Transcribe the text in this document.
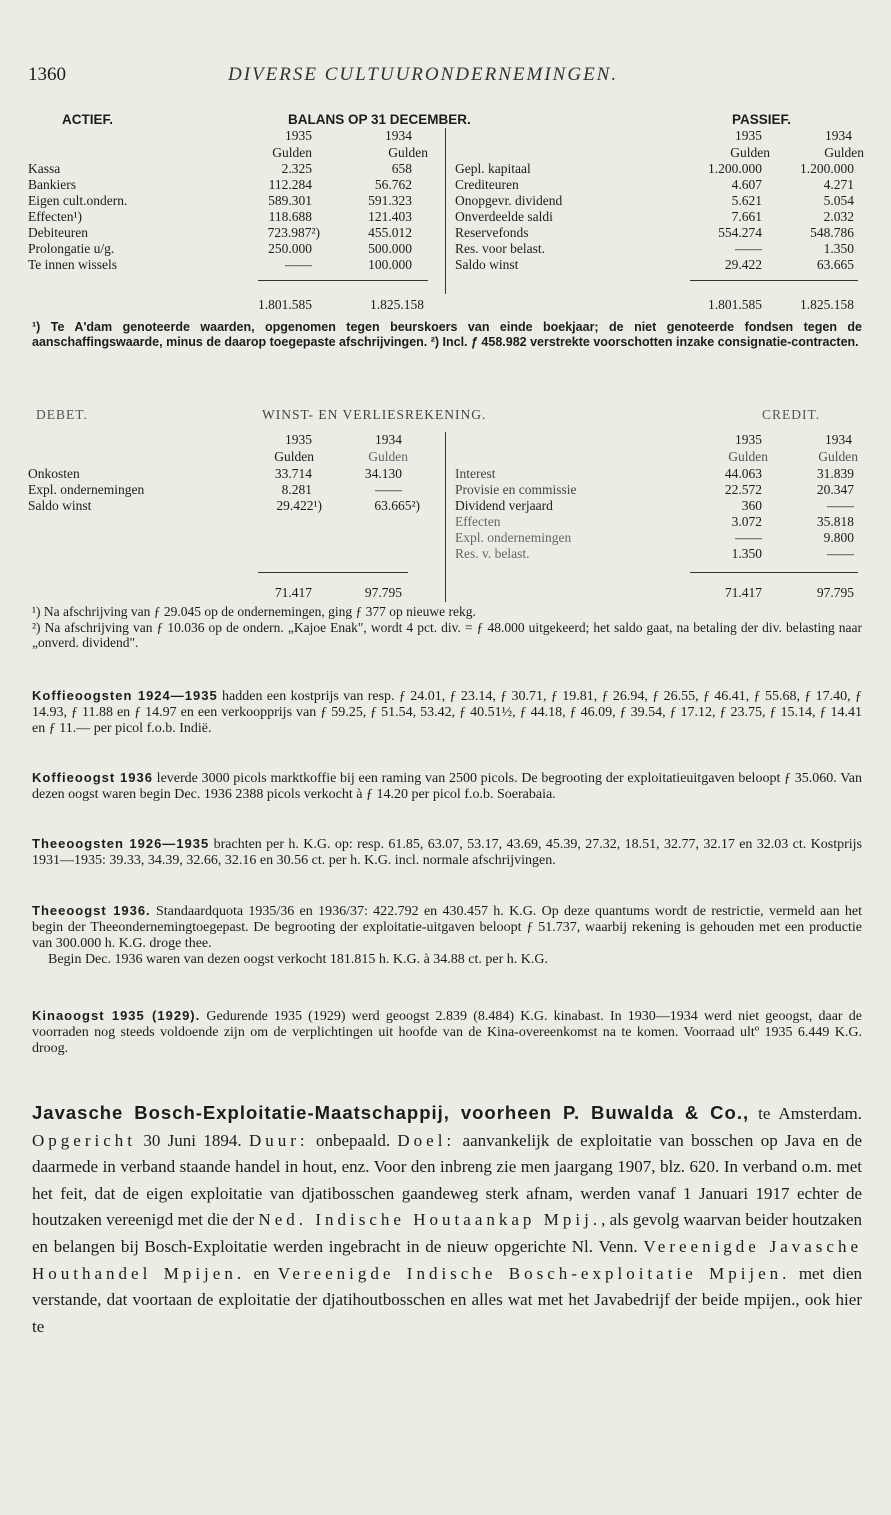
1360	DIVERSE CULTUURONDERNEMINGEN.
ACTIEF.	BALANS OP 31 DECEMBER.	PASSIEF.
1935	1934
Gulden	Gulden
1935	1934
Gulden	Gulden
Kassa	2.325	658
Bankiers	112.284	56.762
Eigen cult.ondern.	589.301	591.323
Effecten¹)	118.688	121.403
Debiteuren	723.987²)	455.012
Prolongatie u/g.	250.000	500.000
Te innen wissels	——	100.000
Gepl. kapitaal	1.200.000	1.200.000
Crediteuren	4.607	4.271
Onopgevr. dividend	5.621	5.054
Onverdeelde saldi	7.661	2.032
Reservefonds	554.274	548.786
Res. voor belast.	——	1.350
Saldo winst	29.422	63.665
1.801.585	1.825.158	1.801.585	1.825.158
¹) Te A'dam genoteerde waarden, opgenomen tegen beurskoers van einde boekjaar; de niet genoteerde fondsen tegen de aanschaffingswaarde, minus de daarop toegepaste afschrijvingen. ²) Incl. ƒ 458.982 verstrekte voorschotten inzake consignatie-contracten.
DEBET.	WINST- EN VERLIESREKENING.	CREDIT.
1935	1934
Gulden	Gulden
1935	1934
Gulden	Gulden
Onkosten	33.714	34.130
Expl. ondernemingen	8.281	——
Saldo winst	29.422¹)	63.665²)
Interest	44.063	31.839
Provisie en commissie	22.572	20.347
Dividend verjaard	360	——
Effecten	3.072	35.818
Expl. ondernemingen	——	9.800
Res. v. belast.	1.350	——
71.417	97.795	71.417	97.795
¹) Na afschrijving van ƒ 29.045 op de ondernemingen, ging ƒ 377 op nieuwe rekg.
²) Na afschrijving van ƒ 10.036 op de ondern. „Kajoe Enak", wordt 4 pct. div. = ƒ 48.000 uitgekeerd; het saldo gaat, na betaling der div. belasting naar „onverd. dividend".
Koffieoogsten 1924—1935 hadden een kostprijs van resp. ƒ 24.01, ƒ 23.14, ƒ 30.71, ƒ 19.81, ƒ 26.94, ƒ 26.55, ƒ 46.41, ƒ 55.68, ƒ 17.40, ƒ 14.93, ƒ 11.88 en ƒ 14.97 en een verkoopprijs van ƒ 59.25, ƒ 51.54, 53.42, ƒ 40.51½, ƒ 44.18, ƒ 46.09, ƒ 39.54, ƒ 17.12, ƒ 23.75, ƒ 15.14, ƒ 14.41 en ƒ 11.— per picol f.o.b. Indië.
Koffieoogst 1936 leverde 3000 picols marktkoffie bij een raming van 2500 picols. De begrooting der exploitatieuitgaven beloopt ƒ 35.060. Van dezen oogst waren begin Dec. 1936 2388 picols verkocht à ƒ 14.20 per picol f.o.b. Soerabaia.
Theeoogsten 1926—1935 brachten per h. K.G. op: resp. 61.85, 63.07, 53.17, 43.69, 45.39, 27.32, 18.51, 32.77, 32.17 en 32.03 ct. Kostprijs 1931—1935: 39.33, 34.39, 32.66, 32.16 en 30.56 ct. per h. K.G. incl. normale afschrijvingen.
Theeoogst 1936. Standaardquota 1935/36 en 1936/37: 422.792 en 430.457 h. K.G. Op deze quantums wordt de restrictie, vermeld aan het begin der Theeondernemingtoegepast. De begrooting der exploitatie-uitgaven beloopt ƒ 51.737, waarbij rekening is gehouden met een productie van 300.000 h. K.G. droge thee.
Begin Dec. 1936 waren van dezen oogst verkocht 181.815 h. K.G. à 34.88 ct. per h. K.G.
Kinaoogst 1935 (1929). Gedurende 1935 (1929) werd geoogst 2.839 (8.484) K.G. kinabast. In 1930—1934 werd niet geoogst, daar de voorraden nog steeds voldoende zijn om de verplichtingen uit hoofde van de Kina-overeenkomst na te komen. Voorraad ultº 1935 6.449 K.G. droog.
Javasche Bosch-Exploitatie-Maatschappij, voorheen P. Buwalda & Co., te Amsterdam. Opgericht 30 Juni 1894. Duur: onbepaald. Doel: aanvankelijk de exploitatie van bosschen op Java en de daarmede in verband staande handel in hout, enz. Voor den inbreng zie men jaargang 1907, blz. 620. In verband o.m. met het feit, dat de eigen exploitatie van djatibosschen gaandeweg sterk afnam, werden vanaf 1 Januari 1917 echter de houtzaken vereenigd met die der Ned. Indische Houtaankap Mpij., als gevolg waarvan beider houtzaken en belangen bij Bosch-Exploitatie werden ingebracht in de nieuw opgerichte Nl. Venn. Vereenigde Javasche Houthandel Mpijen. en Vereenigde Indische Bosch-exploitatie Mpijen. met dien verstande, dat voortaan de exploitatie der djatihoutbosschen en alles wat met het Javabedrijf der beide mpijen., ook hier te
